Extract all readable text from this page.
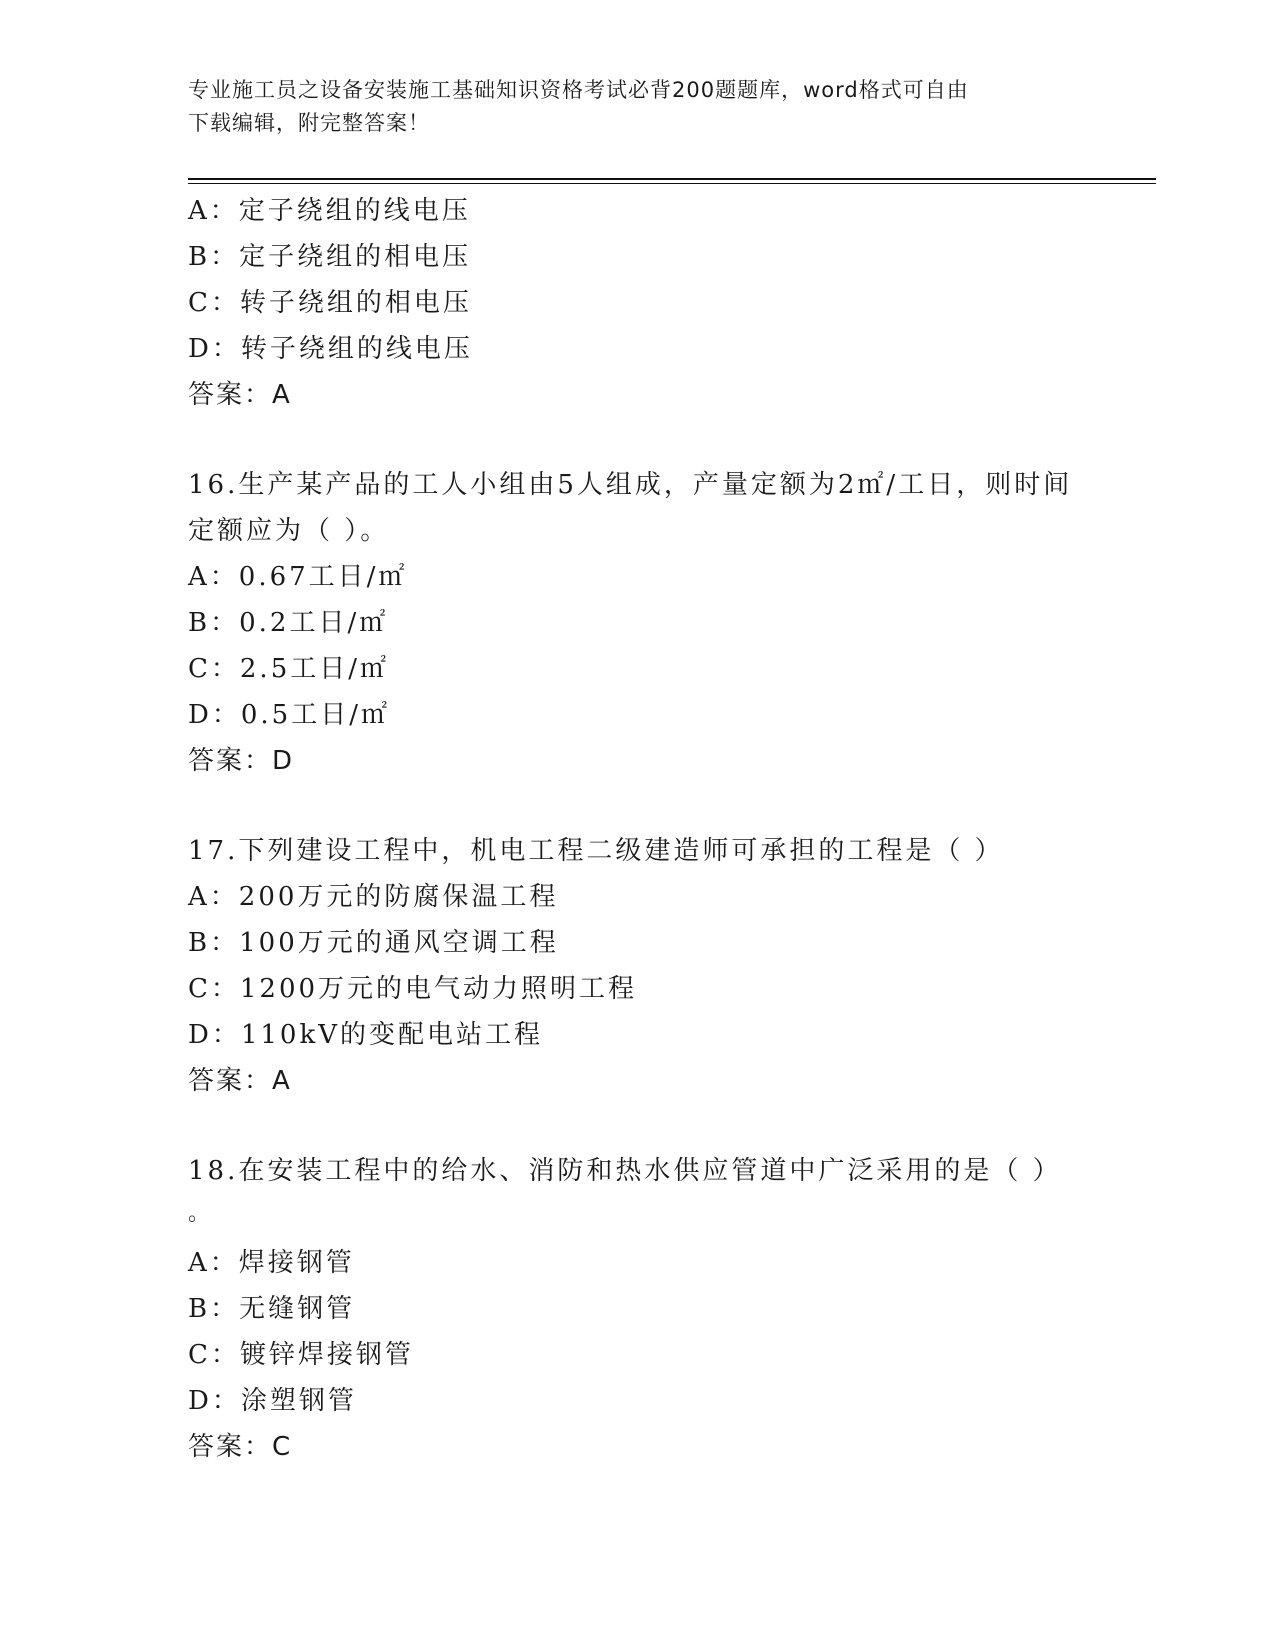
专业施工员之设备安装施工基础知识资格考试必背200题题库，word格式可自由
下载编辑，附完整答案！
A：定子绕组的线电压
B：定子绕组的相电压
C：转子绕组的相电压
D：转子绕组的线电压
答案：A
16.生产某产品的工人小组由5人组成，产量定额为2㎡/工日，则时间
定额应为（ ）。
A：0.67工日/㎡
B：0.2工日/㎡
C：2.5工日/㎡
D：0.5工日/㎡
答案：D
17.下列建设工程中，机电工程二级建造师可承担的工程是（ ）
A：200万元的防腐保温工程
B：100万元的通风空调工程
C：1200万元的电气动力照明工程
D：110kV的变配电站工程
答案：A
18.在安装工程中的给水、消防和热水供应管道中广泛采用的是（ ）
。
A：焊接钢管
B：无缝钢管
C：镀锌焊接钢管
D：涂塑钢管
答案：C
